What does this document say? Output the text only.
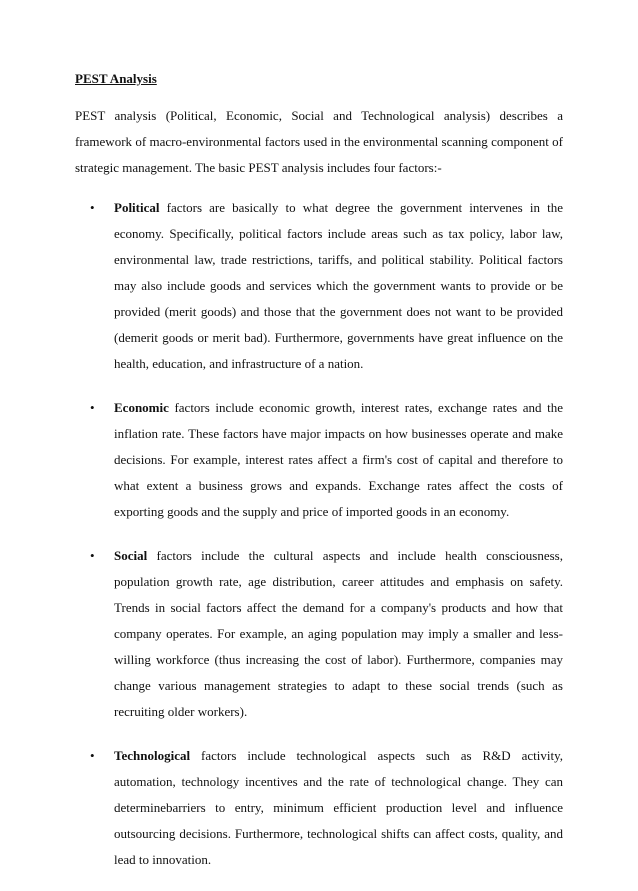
PEST Analysis

PEST analysis (Political, Economic, Social and Technological analysis) describes a framework of macro-environmental factors used in the environmental scanning component of strategic management. The basic PEST analysis includes four factors:-

• Political factors are basically to what degree the government intervenes in the economy. Specifically, political factors include areas such as tax policy, labor law, environmental law, trade restrictions, tariffs, and political stability. Political factors may also include goods and services which the government wants to provide or be provided (merit goods) and those that the government does not want to be provided (demerit goods or merit bad). Furthermore, governments have great influence on the health, education, and infrastructure of a nation.
• Economic factors include economic growth, interest rates, exchange rates and the inflation rate. These factors have major impacts on how businesses operate and make decisions. For example, interest rates affect a firm's cost of capital and therefore to what extent a business grows and expands. Exchange rates affect the costs of exporting goods and the supply and price of imported goods in an economy.
• Social factors include the cultural aspects and include health consciousness, population growth rate, age distribution, career attitudes and emphasis on safety. Trends in social factors affect the demand for a company's products and how that company operates. For example, an aging population may imply a smaller and less-willing workforce (thus increasing the cost of labor). Furthermore, companies may change various management strategies to adapt to these social trends (such as recruiting older workers).
• Technological factors include technological aspects such as R&D activity, automation, technology incentives and the rate of technological change. They can determinebarriers to entry, minimum efficient production level and influence outsourcing decisions. Furthermore, technological shifts can affect costs, quality, and lead to innovation.
